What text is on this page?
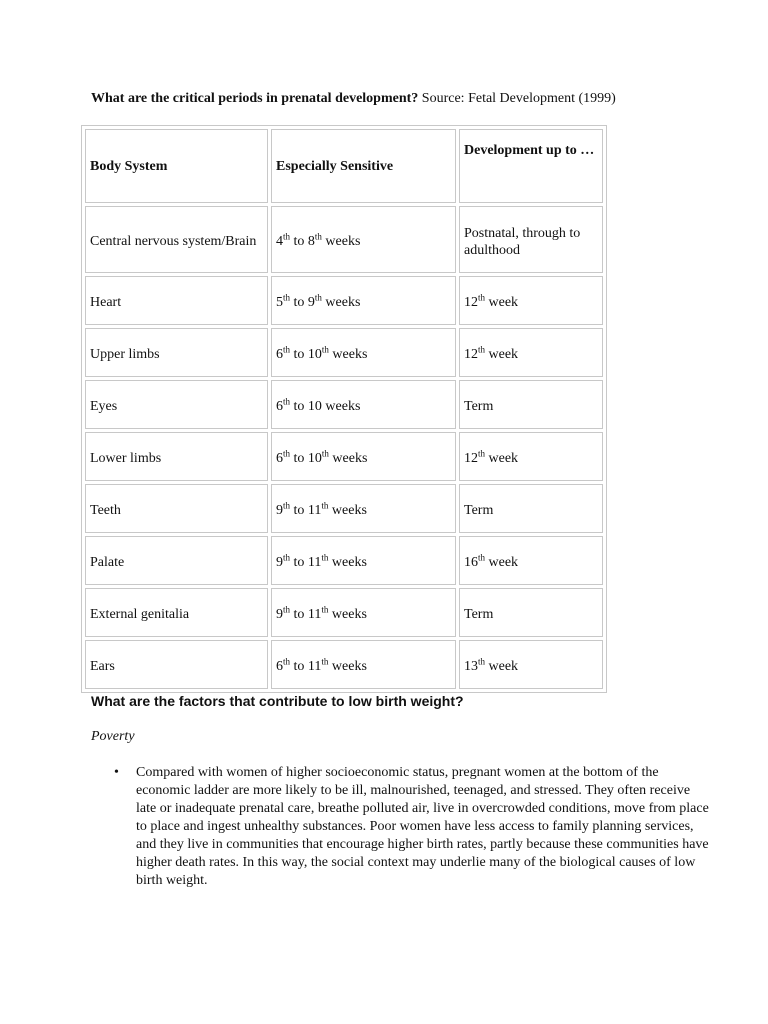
What are the critical periods in prenatal development? Source: Fetal Development (1999)
Body System	Especially Sensitive	Development up to …
Central nervous system/Brain	4th to 8th weeks	Postnatal, through to adulthood
Heart	5th to 9th weeks	12th week
Upper limbs	6th to 10th weeks	12th week
Eyes	6th to 10 weeks	Term
Lower limbs	6th to 10th weeks	12th week
Teeth	9th to 11th weeks	Term
Palate	9th to 11th weeks	16th week
External genitalia	9th to 11th weeks	Term
Ears	6th to 11th weeks	13th week
What are the factors that contribute to low birth weight?
Poverty
• Compared with women of higher socioeconomic status, pregnant women at the bottom of the economic ladder are more likely to be ill, malnourished, teenaged, and stressed. They often receive late or inadequate prenatal care, breathe polluted air, live in overcrowded conditions, move from place to place and ingest unhealthy substances. Poor women have less access to family planning services, and they live in communities that encourage higher birth rates, partly because these communities have higher death rates. In this way, the social context may underlie many of the biological causes of low birth weight.
